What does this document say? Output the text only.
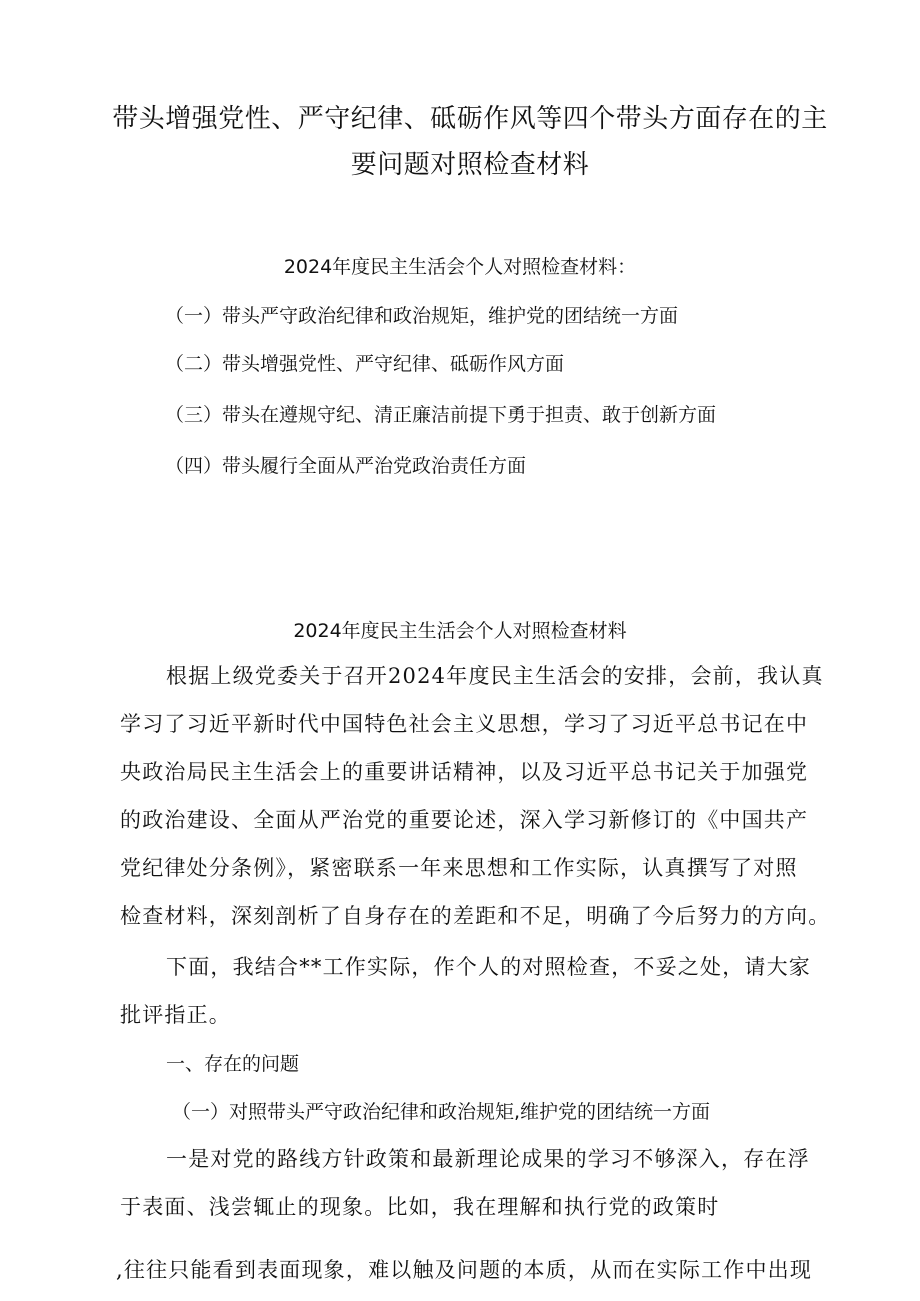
带头增强党性、严守纪律、砥砺作风等四个带头方面存在的主
要问题对照检查材料
2024年度民主生活会个人对照检查材料：
（一）带头严守政治纪律和政治规矩，维护党的团结统一方面
（二）带头增强党性、严守纪律、砥砺作风方面
（三）带头在遵规守纪、清正廉洁前提下勇于担责、敢于创新方面
（四）带头履行全面从严治党政治责任方面
2024年度民主生活会个人对照检查材料
根据上级党委关于召开2024年度民主生活会的安排，会前，我认真
学习了习近平新时代中国特色社会主义思想，学习了习近平总书记在中
央政治局民主生活会上的重要讲话精神，以及习近平总书记关于加强党
的政治建设、全面从严治党的重要论述，深入学习新修订的《中国共产
党纪律处分条例》，紧密联系一年来思想和工作实际，认真撰写了对照
检查材料，深刻剖析了自身存在的差距和不足，明确了今后努力的方向。
下面，我结合**工作实际，作个人的对照检查，不妥之处，请大家
批评指正。
一、存在的问题
（一）对照带头严守政治纪律和政治规矩,维护党的团结统一方面
一是对党的路线方针政策和最新理论成果的学习不够深入，存在浮
于表面、浅尝辄止的现象。比如，我在理解和执行党的政策时
,往往只能看到表面现象，难以触及问题的本质，从而在实际工作中出现
